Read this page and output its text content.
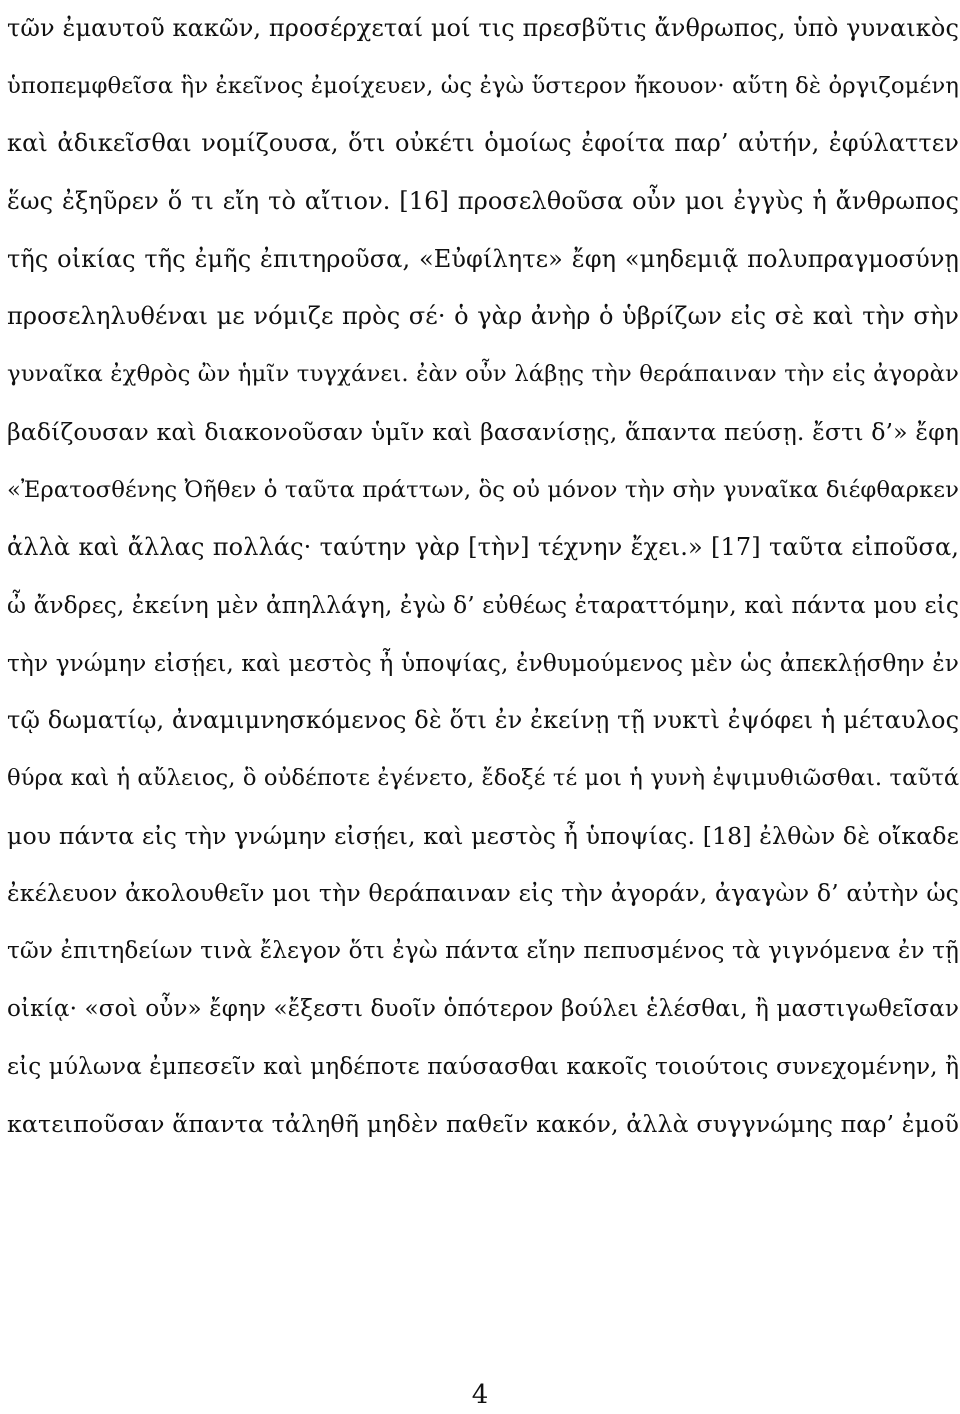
τῶν ἐμαυτοῦ κακῶν, προσέρχεταί μοί τις πρεσβῦτις ἄνθρωπος, ὑπὸ γυναικὸς
ὑποπεμφθεῖσα ἣν ἐκεῖνος ἐμοίχευεν, ὡς ἐγὼ ὕστερον ἤκουον· αὕτη δὲ ὀργιζομένη
καὶ ἀδικεῖσθαι νομίζουσα, ὅτι οὐκέτι ὁμοίως ἐφοίτα παρ’ αὐτήν, ἐφύλαττεν
ἕως ἐξηῦρεν ὅ τι εἴη τὸ αἴτιον. [16] προσελθοῦσα οὖν μοι ἐγγὺς ἡ ἄνθρωπος
τῆς οἰκίας τῆς ἐμῆς ἐπιτηροῦσα, «Εὐφίλητε» ἔφη «μηδεμιᾷ πολυπραγμοσύνῃ
προσεληλυθέναι με νόμιζε πρὸς σέ· ὁ γὰρ ἀνὴρ ὁ ὑβρίζων εἰς σὲ καὶ τὴν σὴν
γυναῖκα ἐχθρὸς ὢν ἡμῖν τυγχάνει. ἐὰν οὖν λάβῃς τὴν θεράπαιναν τὴν εἰς ἀγορὰν
βαδίζουσαν καὶ διακονοῦσαν ὑμῖν καὶ βασανίσῃς, ἅπαντα πεύσῃ. ἔστι δ’» ἔφη
«Ἐρατοσθένης Ὀῆθεν ὁ ταῦτα πράττων, ὃς οὐ μόνον τὴν σὴν γυναῖκα διέφθαρκεν
ἀλλὰ καὶ ἄλλας πολλάς· ταύτην γὰρ [τὴν] τέχνην ἔχει.» [17] ταῦτα εἰποῦσα,
ὦ ἄνδρες, ἐκείνη μὲν ἀπηλλάγη, ἐγὼ δ’ εὐθέως ἐταραττόμην, καὶ πάντα μου εἰς
τὴν γνώμην εἰσῄει, καὶ μεστὸς ἦ ὑποψίας, ἐνθυμούμενος μὲν ὡς ἀπεκλῄσθην ἐν
τῷ δωματίῳ, ἀναμιμνησκόμενος δὲ ὅτι ἐν ἐκείνῃ τῇ νυκτὶ ἐψόφει ἡ μέταυλος
θύρα καὶ ἡ αὔλειος, ὃ οὐδέποτε ἐγένετο, ἔδοξέ τέ μοι ἡ γυνὴ ἐψιμυθιῶσθαι. ταῦτά
μου πάντα εἰς τὴν γνώμην εἰσῄει, καὶ μεστὸς ἦ ὑποψίας. [18] ἐλθὼν δὲ οἴκαδε
ἐκέλευον ἀκολουθεῖν μοι τὴν θεράπαιναν εἰς τὴν ἀγοράν, ἀγαγὼν δ’ αὐτὴν ὡς
τῶν ἐπιτηδείων τινὰ ἔλεγον ὅτι ἐγὼ πάντα εἴην πεπυσμένος τὰ γιγνόμενα ἐν τῇ
οἰκίᾳ· «σοὶ οὖν» ἔφην «ἔξεστι δυοῖν ὁπότερον βούλει ἑλέσθαι, ἢ μαστιγωθεῖσαν
εἰς μύλωνα ἐμπεσεῖν καὶ μηδέποτε παύσασθαι κακοῖς τοιούτοις συνεχομένην, ἢ
κατειποῦσαν ἅπαντα τἀληθῆ μηδὲν παθεῖν κακόν, ἀλλὰ συγγνώμης παρ’ ἐμοῦ
4
